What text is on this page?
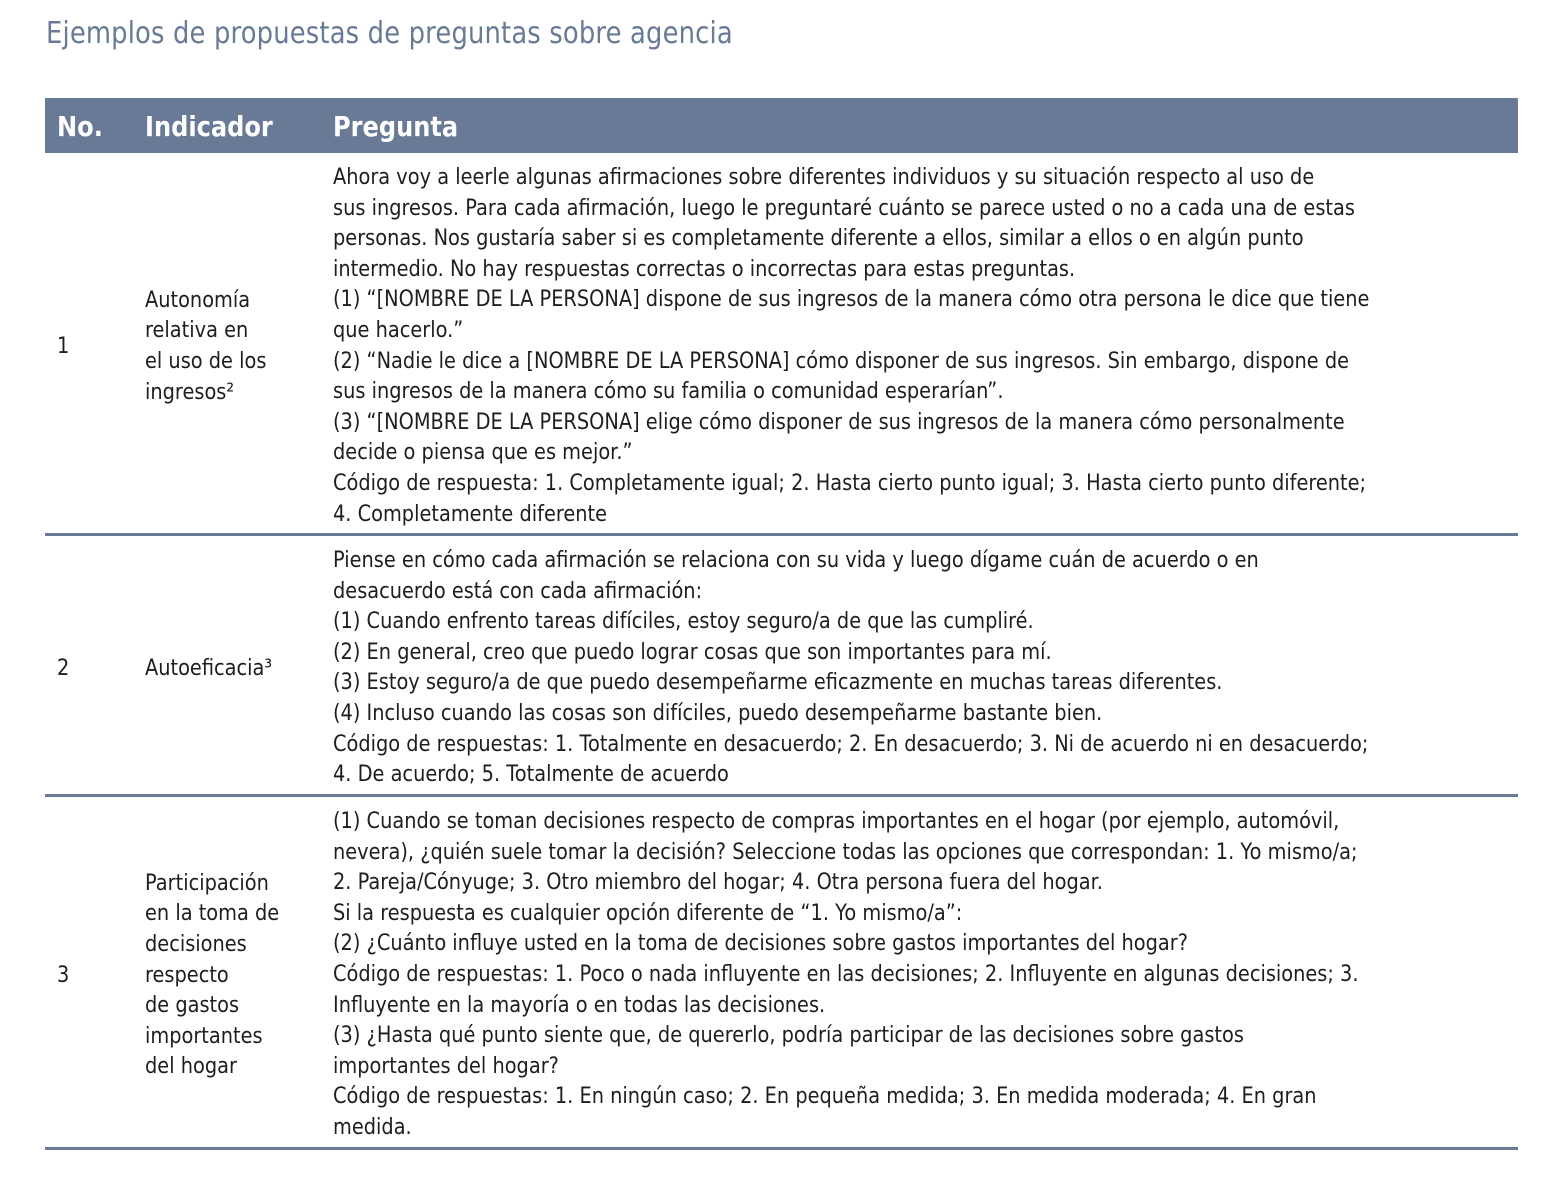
Ejemplos de propuestas de preguntas sobre agencia
No. Indicador Pregunta
1
Autonomía
relativa en
el uso de los
ingresos²
Ahora voy a leerle algunas afirmaciones sobre diferentes individuos y su situación respecto al uso de
sus ingresos. Para cada afirmación, luego le preguntaré cuánto se parece usted o no a cada una de estas
personas. Nos gustaría saber si es completamente diferente a ellos, similar a ellos o en algún punto
intermedio. No hay respuestas correctas o incorrectas para estas preguntas.
(1) “[NOMBRE DE LA PERSONA] dispone de sus ingresos de la manera cómo otra persona le dice que tiene
que hacerlo.”
(2) “Nadie le dice a [NOMBRE DE LA PERSONA] cómo disponer de sus ingresos. Sin embargo, dispone de
sus ingresos de la manera cómo su familia o comunidad esperarían”.
(3) “[NOMBRE DE LA PERSONA] elige cómo disponer de sus ingresos de la manera cómo personalmente
decide o piensa que es mejor.”
Código de respuesta: 1. Completamente igual; 2. Hasta cierto punto igual; 3. Hasta cierto punto diferente;
4. Completamente diferente
2	Autoeficacia³
Piense en cómo cada afirmación se relaciona con su vida y luego dígame cuán de acuerdo o en
desacuerdo está con cada afirmación:
(1) Cuando enfrento tareas difíciles, estoy seguro/a de que las cumpliré.
(2) En general, creo que puedo lograr cosas que son importantes para mí.
(3) Estoy seguro/a de que puedo desempeñarme eficazmente en muchas tareas diferentes.
(4) Incluso cuando las cosas son difíciles, puedo desempeñarme bastante bien.
Código de respuestas: 1. Totalmente en desacuerdo; 2. En desacuerdo; 3. Ni de acuerdo ni en desacuerdo;
4. De acuerdo; 5. Totalmente de acuerdo
3
Participación
en la toma de
decisiones
respecto
de gastos
importantes
del hogar
(1) Cuando se toman decisiones respecto de compras importantes en el hogar (por ejemplo, automóvil,
nevera), ¿quién suele tomar la decisión? Seleccione todas las opciones que correspondan: 1. Yo mismo/a;
2. Pareja/Cónyuge; 3. Otro miembro del hogar; 4. Otra persona fuera del hogar.
Si la respuesta es cualquier opción diferente de “1. Yo mismo/a”:
(2) ¿Cuánto influye usted en la toma de decisiones sobre gastos importantes del hogar?
Código de respuestas: 1. Poco o nada influyente en las decisiones; 2. Influyente en algunas decisiones; 3.
Influyente en la mayoría o en todas las decisiones.
(3) ¿Hasta qué punto siente que, de quererlo, podría participar de las decisiones sobre gastos
importantes del hogar?
Código de respuestas: 1. En ningún caso; 2. En pequeña medida; 3. En medida moderada; 4. En gran
medida.
